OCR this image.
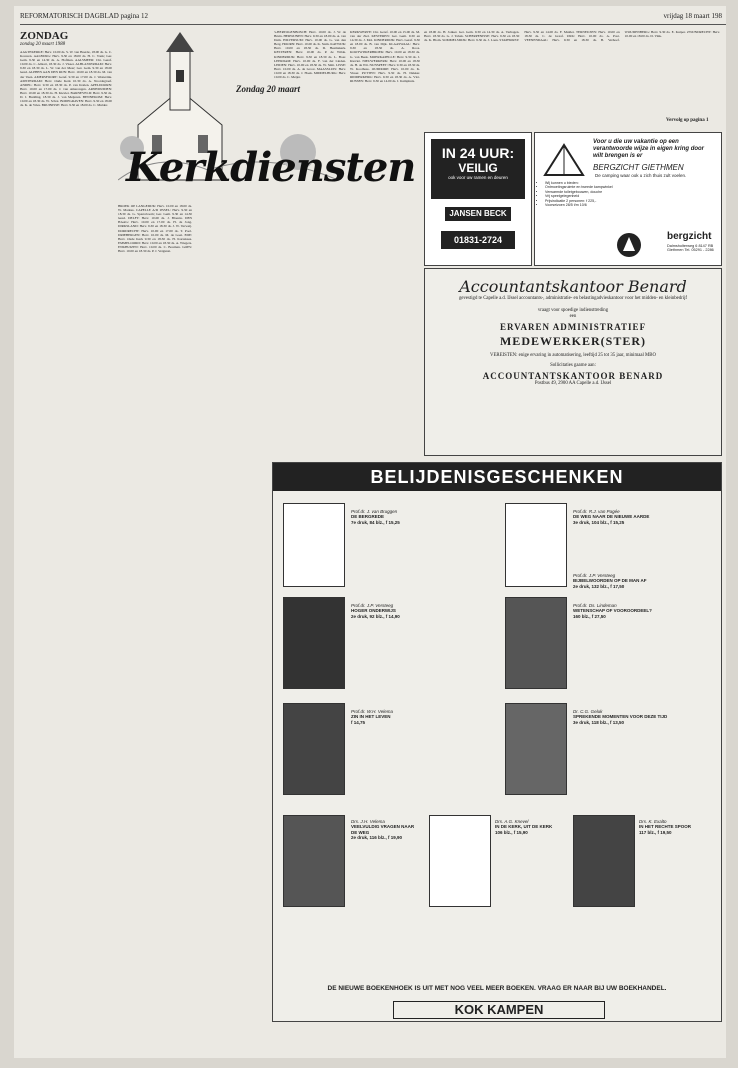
REFORMATORISCH DAGBLAD pagina 12	vrijdag 18 maart 198
ZONDAG
zondag 20 maart 1988
AAGTEKERKE: Herv. 10.00 ds. S. W. van Heerde, 18.00 ds. G. C. Kouwen. AALBURG: Herv. 9.30 en 18.00 ds. H. C. Vonk; Ger. Gem. 9.30 en 14.30 ds. A. Hofman. AALSMEER: Chr. Geref. 10.00 ds. C. Allaart, 18.30 ds. J. Visser. ALBLASSERDAM: Herv. 9.30 en 18.30 ds. L. W. van der Meer; Ger. Gem. 9.30 en 18.00 leesd. ALPHEN AAN DEN RIJN: Herv. 10.00 en 18.30 ds. M. van der Veen. AMERSFOORT: Geref. 9.30 en 17.00 ds. J. Westerink. AMSTERDAM: Herv. Oude Kerk 10.30 ds. A. Noordegraaf. ANDEL: Herv. 9.30 en 18.30 ds. P. van Kralen. APELDOORN: Herv. 10.00 en 17.00 ds. J. van Amerongen. ARNEMUIDEN: Herv. 10.00 en 18.30 ds. H. Kieviet. BARNEVELD: Herv. 9.30 ds. D. J. Budding, 18.30 ds. J. van Meijeren. BENNEKOM: Herv. 10.00 en 18.30 ds. W. Schot. BODEGRAVEN: Herv. 9.30 en 18.00 ds. K. de Vries. BRUINISSE: Herv. 9.30 en 18.00 ds. C. Mulder.
Zondag 20 maart
Kerkdiensten
BROEK OP LANGEDIJK: Herv. 10.00 en 18.00 ds. W. Markus. CAPELLE A/D IJSSEL: Herv. 9.30 en 18.30 ds. G. Sparreboom; Ger. Gem. 9.30 en 14.30 leesd. DELFT: Herv. 10.00 ds. J. Blaauw. DEN HAAG: Herv. 10.00 en 17.00 ds. H. de Jong. DIRKSLAND: Herv. 9.30 en 18.30 ds. J. W. Verweij. DORDRECHT: Herv. 10.00 en 17.00 ds. T. Pool. DRIEBERGEN: Herv. 10.00 ds. M. de Goei. EDE: Herv. Oude Kerk 9.30 en 18.30 ds. H. Kortekaas. EMMELOORD: Herv. 10.00 en 18.30 ds. A. Wiegers. ENKHUIZEN: Herv. 10.00 ds. C. Bouman. GOES: Herv. 10.00 en 18.30 ds. P. J. Vergunst.
's-HERTOGENBOSCH: Herv. 10.00 ds. J. W. de Bruin. HERWIJNEN: Herv. 9.30 en 18.00 ds. A. van Dam. HILVERSUM: Herv. 10.00 ds. G. van den Berg. HOORN: Herv. 10.00 ds. K. Stam. KATWIJK: Herv. 10.00 en 18.30 ds. D. Heemskerk. KESTEREN: Herv. 10.00 ds. P. de Wilde. KINDERDIJK: Herv. 9.30 en 18.30 ds. L. Boer. LEERDAM: Herv. 10.00 ds. F. van der Linden. LEIDEN: Herv. 10.00 en 18.30 ds. W. Smit. LISSE: Herv. 10.00 ds. A. de Groot. MAASSLUIS: Herv. 10.00 en 18.30 ds. J. Hoek. MIDDELBURG: Herv. 10.00 ds. C. Meijer.
KERKWERVE: Chr. Geref. 10.00 en 15.00 ds. M. van der Ziel. KESTEREN: Ger. Gem. 9.30 en 14.30 ds. J. Mol. KINDERDIJK: Herv. Geref. 9.30 en 18.00 ds. B. van Dijk. KLAASWAAL: Herv. 9.30 en 18.30 ds. A. Roos. KOOTWIJKERBROEK: Herv. 10.00 en 18.30 ds. G. van Beek. MOERKAPELLE: Herv. 9.30 ds. J. Kieviet. NIEUWERKERK: Herv. 10.00 en 18.30 ds. H. de Wit. NUNSPEET: Herv. 9.30 en 18.30 ds. W. Koolhaas. OUDDORP: Herv. 10.00 ds. K. Visser. PUTTEN: Herv. 9.30 ds. H. Dekker. RIDDERKERK: Herv. 9.30 en 18.30 ds. A. Vlot. RIJSSEN: Herv. 9.30 en 14.00 ds. J. Kamphuis.
en 18.00 ds. H. Jonker. Ger. Gem. 9.30 en 14.30 ds. A. Verhagen. Herv. 18.30 ds. G. J. Tabak. SCHERPENISSE: Herv. 9.30 en 18.30 ds. K. Blom. SOMMELSDIJK: Herv. 9.30 ds. J. Laan. STAPHORST: Herv. 9.30 en 14.00 ds. F. Mulder. TERNEUZEN: Herv. 10.00 en 18.30 ds. C. de Graaf. URK: Herv. 10.00 ds. A. Post. VEENENDAAL: Herv. 9.30 en 18.30 ds. B. Verhoef. WOUDENBERG: Herv. 9.30 ds. E. Kuiper. ZWIJNDRECHT: Herv. 10.00 en 18.00 ds. D. Vink.
Vervolg op pagina 1
IN 24 UUR:
VEILIG
ook voor uw ramen en deuren
JANSEN BECK
01831-2724
Voor u die uw vakantie op een verantwoorde wijze in eigen kring door wilt brengen is er
BERGZICHT GIETHMEN
De camping waar ook u zich thuis zult voelen.
• Wij kunnen u bieden:
• Ontmoetingsruimte en tweede kampwinkel
• Verwarmde toiletgebouwen, douche
• Vrij speelgelegenheid
• Prijsindicatie 2 personen: f 225,-
• Voorseizoen 28/5 t/m 10/6
bergzicht
Dalmsholterweg 6 8147 RB Giethmen Tel. 05291 - 2286
Accountantskantoor Benard
gevestigd te Capelle a.d. IJssel accountants-, administratie- en belastingadvieskantoor voor het midden- en kleinbedrijf
vraagt voor spoedige indiensttreding
een
ERVAREN ADMINISTRATIEF
MEDEWERKER(STER)
VEREISTEN: enige ervaring in automatisering, leeftijd 25 tot 35 jaar, minimaal MBO
Sollicitaties gaarne aan:
ACCOUNTANTSKANTOOR BENARD
Postbus 49, 2900 AA Capelle a.d. IJssel
BELIJDENISGESCHENKEN
Prof.dr. J. van Bruggen
DE BERGREDE
7e druk, 84 blz., f 15,25
Prof.dr. R.J. van Pagée
DE WEG NAAR DE NIEUWE AARDE
3e druk, 104 blz., f 15,25
Prof.dr. J.P. Versteeg
BIJBELWOORDEN OP DE MAN AF
2e druk, 132 blz., f 17,50
Prof.dr. J.P. Versteeg
HOGER ONDERWIJS
2e druk, 92 blz., f 14,90
Prof.dr. Ds. Lindeman
WETENSCHAP OF VOOROORDEEL?
160 blz., f 27,50
Prof.dr. W.H. Velema
ZIN IN HET LEVEN
f 14,75
Dr. C.G. Geluk
SPREKENDE MOMENTEN VOOR DEZE TIJD
3e druk, 118 blz., f 13,50
Drs. J.H. Velema
VEELVULDIG VRAGEN NAAR DE WEG
2e druk, 116 blz., f 19,90
Drs. A.G. Knevel
IN DE KERK, UIT DE KERK
106 blz., f 15,90
Drs. K. Exalto
IN HET RECHTE SPOOR
117 blz., f 19,50
DE NIEUWE BOEKENHOEK IS UIT MET NOG VEEL MEER BOEKEN. VRAAG ER NAAR BIJ UW BOEKHANDEL.
KOK KAMPEN
